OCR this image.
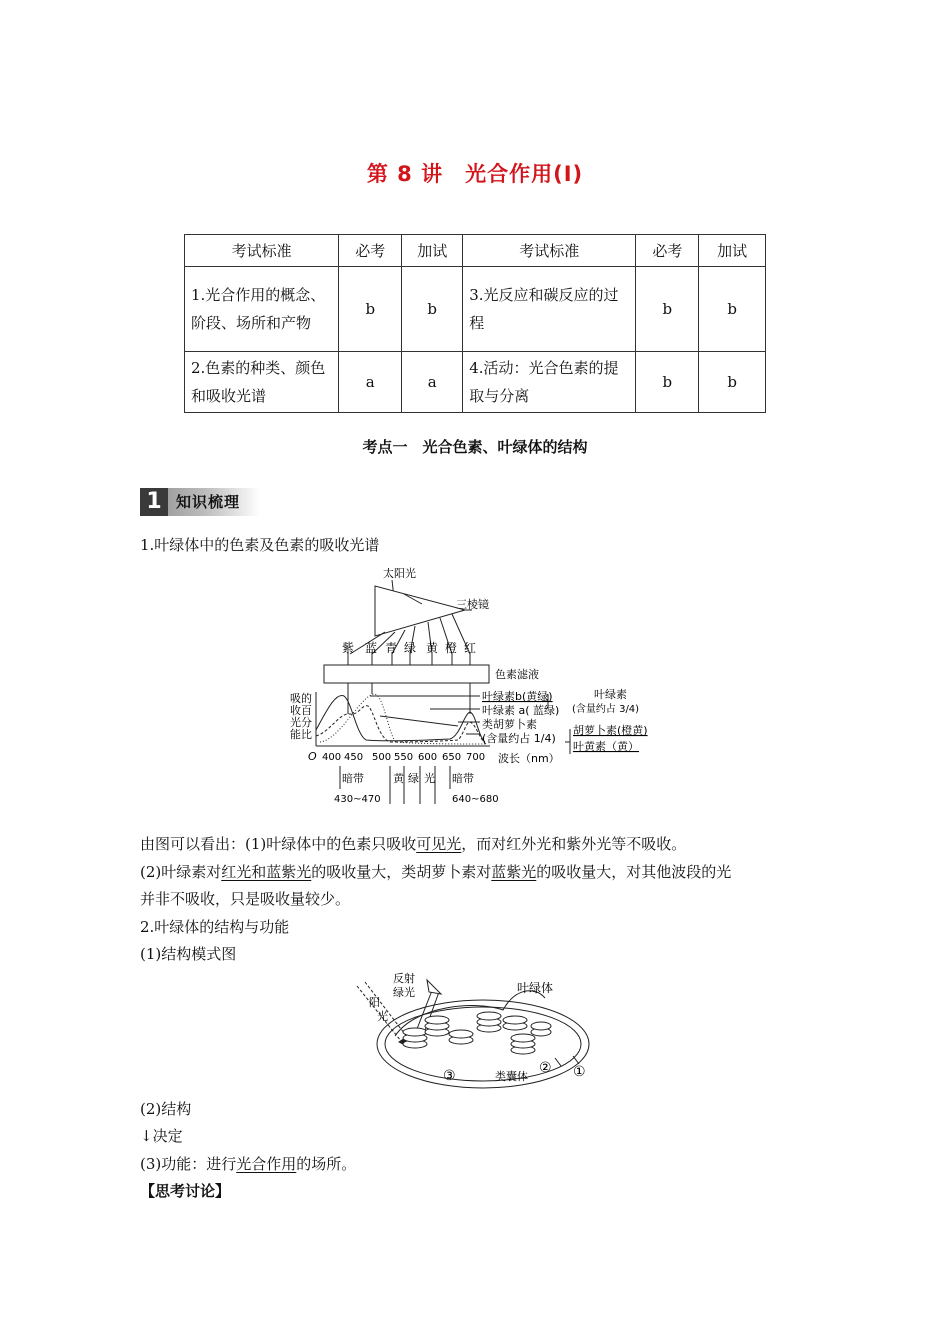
第 8 讲　光合作用(Ⅰ)
考试标准	必考	加试	考试标准	必考	加试
1.光合作用的概念、阶段、场所和产物	b	b	3.光反应和碳反应的过程	b	b
2.色素的种类、颜色和吸收光谱	a	a	4.活动：光合色素的提取与分离	b	b
考点一　光合色素、叶绿体的结构
1 知识梳理
1.叶绿体中的色素及色素的吸收光谱
太阳光
三棱镜
紫 蓝 青 绿 黄 橙 红
色素滤液
吸的
收百
光分
能比
O 400 450 500 550 600 650 700 波长（nm）
叶绿素b(黄绿)
叶绿素 a( 蓝绿)
类胡萝卜素
(含量约占 1/4)
叶绿素
(含量约占 3/4)
胡萝卜素(橙黄)
叶黄素（黄）
暗带	暗带
430~470	640~680
黄 绿 光
由图可以看出：(1)叶绿体中的色素只吸收可见光，而对红外光和紫外光等不吸收。
(2)叶绿素对红光和蓝紫光的吸收量大，类胡萝卜素对蓝紫光的吸收量大，对其他波段的光
并非不吸收，只是吸收量较少。
2.叶绿体的结构与功能
(1)结构模式图
反射
绿光
阳
光
叶绿体
类囊体	①
②
③
(2)结构
↓决定
(3)功能：进行光合作用的场所。
【思考讨论】
